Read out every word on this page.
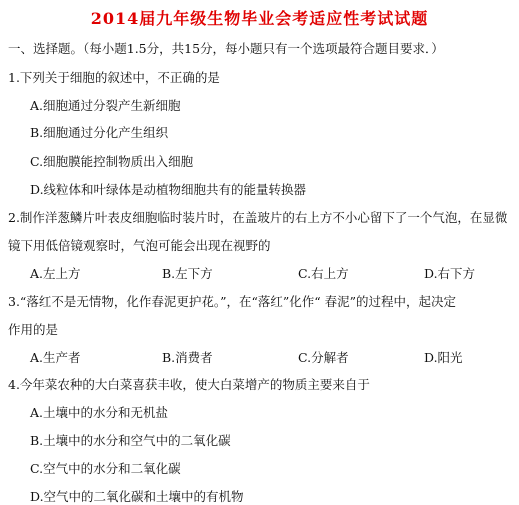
2014届九年级生物毕业会考适应性考试试题
一、选择题。（每小题1.5分，共15分，每小题只有一个选项最符合题目要求．）
1.下列关于细胞的叙述中，不正确的是
A.细胞通过分裂产生新细胞
B.细胞通过分化产生组织
C.细胞膜能控制物质出入细胞
D.线粒体和叶绿体是动植物细胞共有的能量转换器
2.制作洋葱鳞片叶表皮细胞临时装片时，在盖玻片的右上方不小心留下了一个气泡，在显微
镜下用低倍镜观察时，气泡可能会出现在视野的
A.左上方	B.左下方	C.右上方	D.右下方
3.“落红不是无情物，化作春泥更护花。”，在“落红”化作“ 春泥”的过程中，起决定
作用的是
A.生产者	B.消费者	C.分解者	D.阳光
4.今年菜农种的大白菜喜获丰收，使大白菜增产的物质主要来自于
A.土壤中的水分和无机盐
B.土壤中的水分和空气中的二氧化碳
C.空气中的水分和二氧化碳
D.空气中的二氧化碳和土壤中的有机物
